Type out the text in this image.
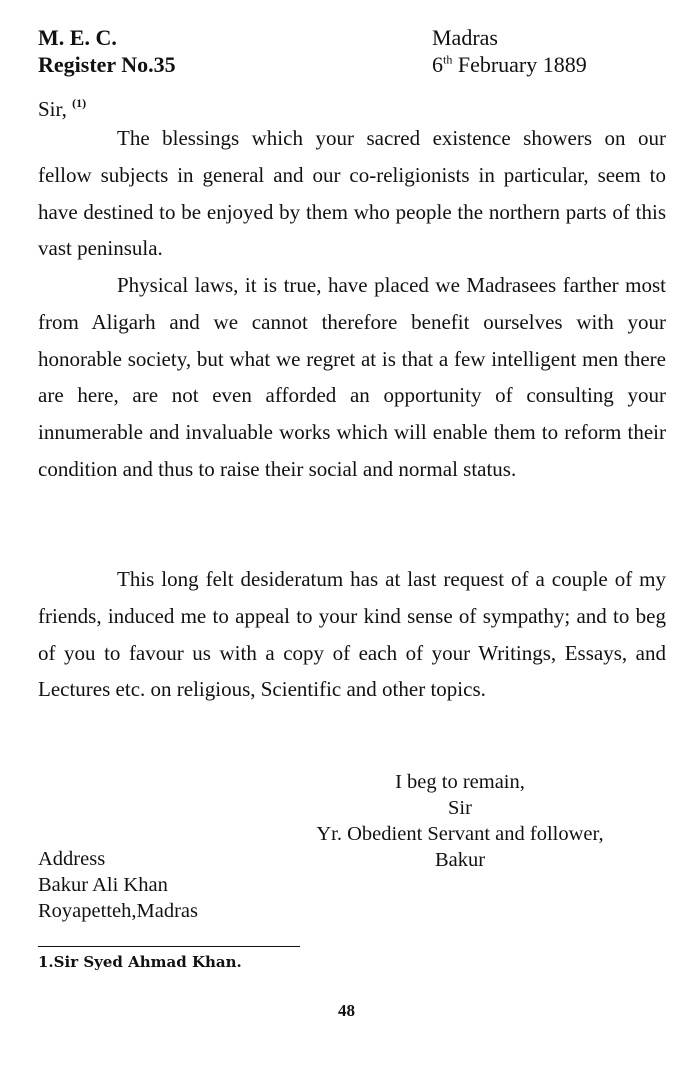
M. E. C.
Register No.35
Madras
6th February 1889
Sir, $^{(1)}$
The blessings which your sacred existence showers on our fellow subjects in general and our co-religionists in particular, seem to have destined to be enjoyed by them who people the northern parts of this vast peninsula.
Physical laws, it is true, have placed we Madrasees farther most from Aligarh and we cannot therefore benefit ourselves with your honorable society, but what we regret at is that a few intelligent men there are here, are not even afforded an opportunity of consulting your innumerable and invaluable works which will enable them to reform their condition and thus to raise their social and normal status.
This long felt desideratum has at last request of a couple of my friends, induced me to appeal to your kind sense of sympathy; and to beg of you to favour us with a copy of each of your Writings, Essays, and Lectures etc. on religious, Scientific and other topics.
I beg to remain,
Sir
Yr. Obedient Servant and follower,
Bakur
Address
Bakur Ali Khan
Royapetteh,Madras
1.Sir Syed Ahmad Khan.
48
